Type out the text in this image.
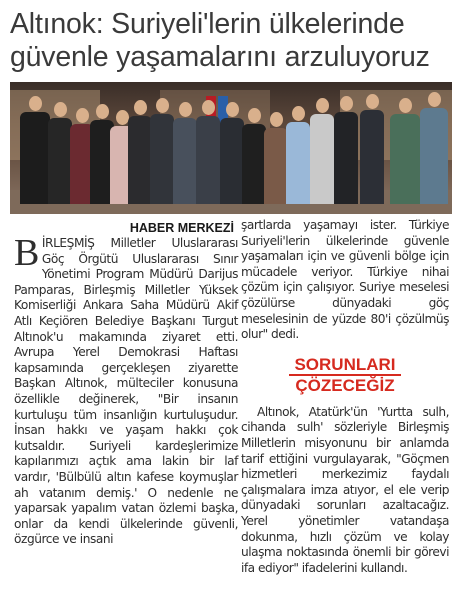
Altınok: Suriyeli'lerin ülkelerinde güvenle yaşamalarını arzuluyoruz
HABER MERKEZİ
BİRLEŞMİŞ Milletler Uluslararası Göç Örgütü Uluslararası Sınır Yönetimi Program Müdürü Darijus Pamparas, Birleşmiş Milletler Yüksek Komiserliği Ankara Saha Müdürü Akif Atlı Keçiören Belediye Başkanı Turgut Altınok'u makamında ziyaret etti. Avrupa Yerel Demokrasi Haftası kapsamında gerçekleşen ziyarette Başkan Altınok, mülteciler konusuna özellikle değinerek, "Bir insanın kurtuluşu tüm insanlığın kurtuluşudur. İnsan hakkı ve yaşam hakkı çok kutsaldır. Suriyeli kardeşlerimize kapılarımızı açtık ama lakin bir laf vardır, 'Bülbülü altın kafese koymuşlar ah vatanım demiş.' O nedenle ne yaparsak yapalım vatan özlemi başka, onlar da kendi ülkelerinde güvenli, özgürce ve insani
şartlarda yaşamayı ister. Türkiye Suriyeli'lerin ülkelerinde güvenle yaşamaları için ve güvenli bölge için mücadele veriyor. Türkiye nihai çözüm için çalışıyor. Suriye meselesi çözülürse dünyadaki göç meselesinin de yüzde 80'i çözülmüş olur" dedi.
SORUNLARI
ÇÖZECEĞİZ
Altınok, Atatürk'ün 'Yurtta sulh, cihanda sulh' sözleriyle Birleşmiş Milletlerin misyonunu bir anlamda tarif ettiğini vurgulayarak, "Göçmen hizmetleri merkezimiz faydalı çalışmalara imza atıyor, el ele verip dünyadaki sorunları azaltacağız. Yerel yönetimler vatandaşa dokunma, hızlı çözüm ve kolay ulaşma noktasında önemli bir görevi ifa ediyor" ifadelerini kullandı.
